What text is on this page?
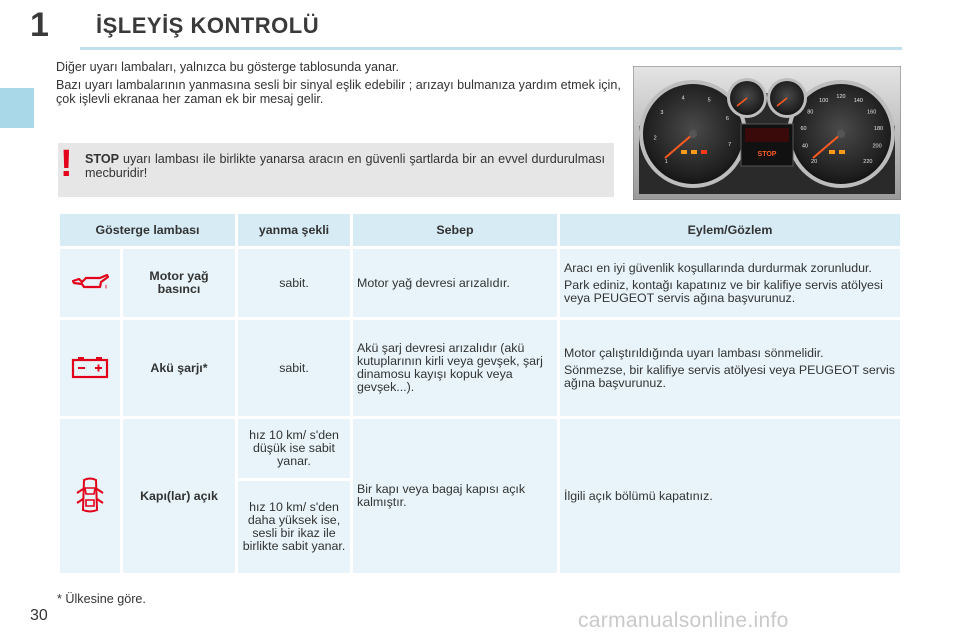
1 İŞLEYİŞ KONTROLÜ

Diğer uyarı lambaları, yalnızca bu gösterge tablosunda yanar.

Bazı uyarı lambalarının yanmasına sesli bir sinyal eşlik edebilir ; arızayı bulmanıza yardım etmek için, çok işlevli ekranaa her zaman ek bir mesaj gelir.

! STOP uyarı lambası ile birlikte yanarsa aracın en güvenli şartlarda bir an evvel durdurulması mecburidir!
1
2
3
4	5
6
7
20
40
60
80
100
120
140
160
180
200
220
STOP
Gösterge lambası		yanma şekli	Sebep	Eylem/Gözlem
	Motor yağ basıncı	sabit.	Motor yağ devresi arızalıdır.	Aracı en iyi güvenlik koşullarında durdurmak zorunludur.

Park ediniz, kontağı kapatınız ve bir kalifiye servis atölyesi veya PEUGEOT servis ağına başvurunuz.

	Akü şarjı*	sabit.	Akü şarj devresi arızalıdır (akü kutuplarının kirli veya gevşek, şarj dinamosu kayışı kopuk veya gevşek...).	Motor çalıştırıldığında uyarı lambası sönmelidir.

Sönmezse, bir kalifiye servis atölyesi veya PEUGEOT servis ağına başvurunuz.

	Kapı(lar) açık	hız 10 km/ s'den düşük ise sabit yanar.	Bir kapı veya bagaj kapısı açık kalmıştır.	İlgili açık bölümü kapatınız.
		hız 10 km/ s'den daha yüksek ise, sesli bir ikaz ile birlikte sabit yanar.		
* Ülkesine göre.
30	carmanualsonline.info
